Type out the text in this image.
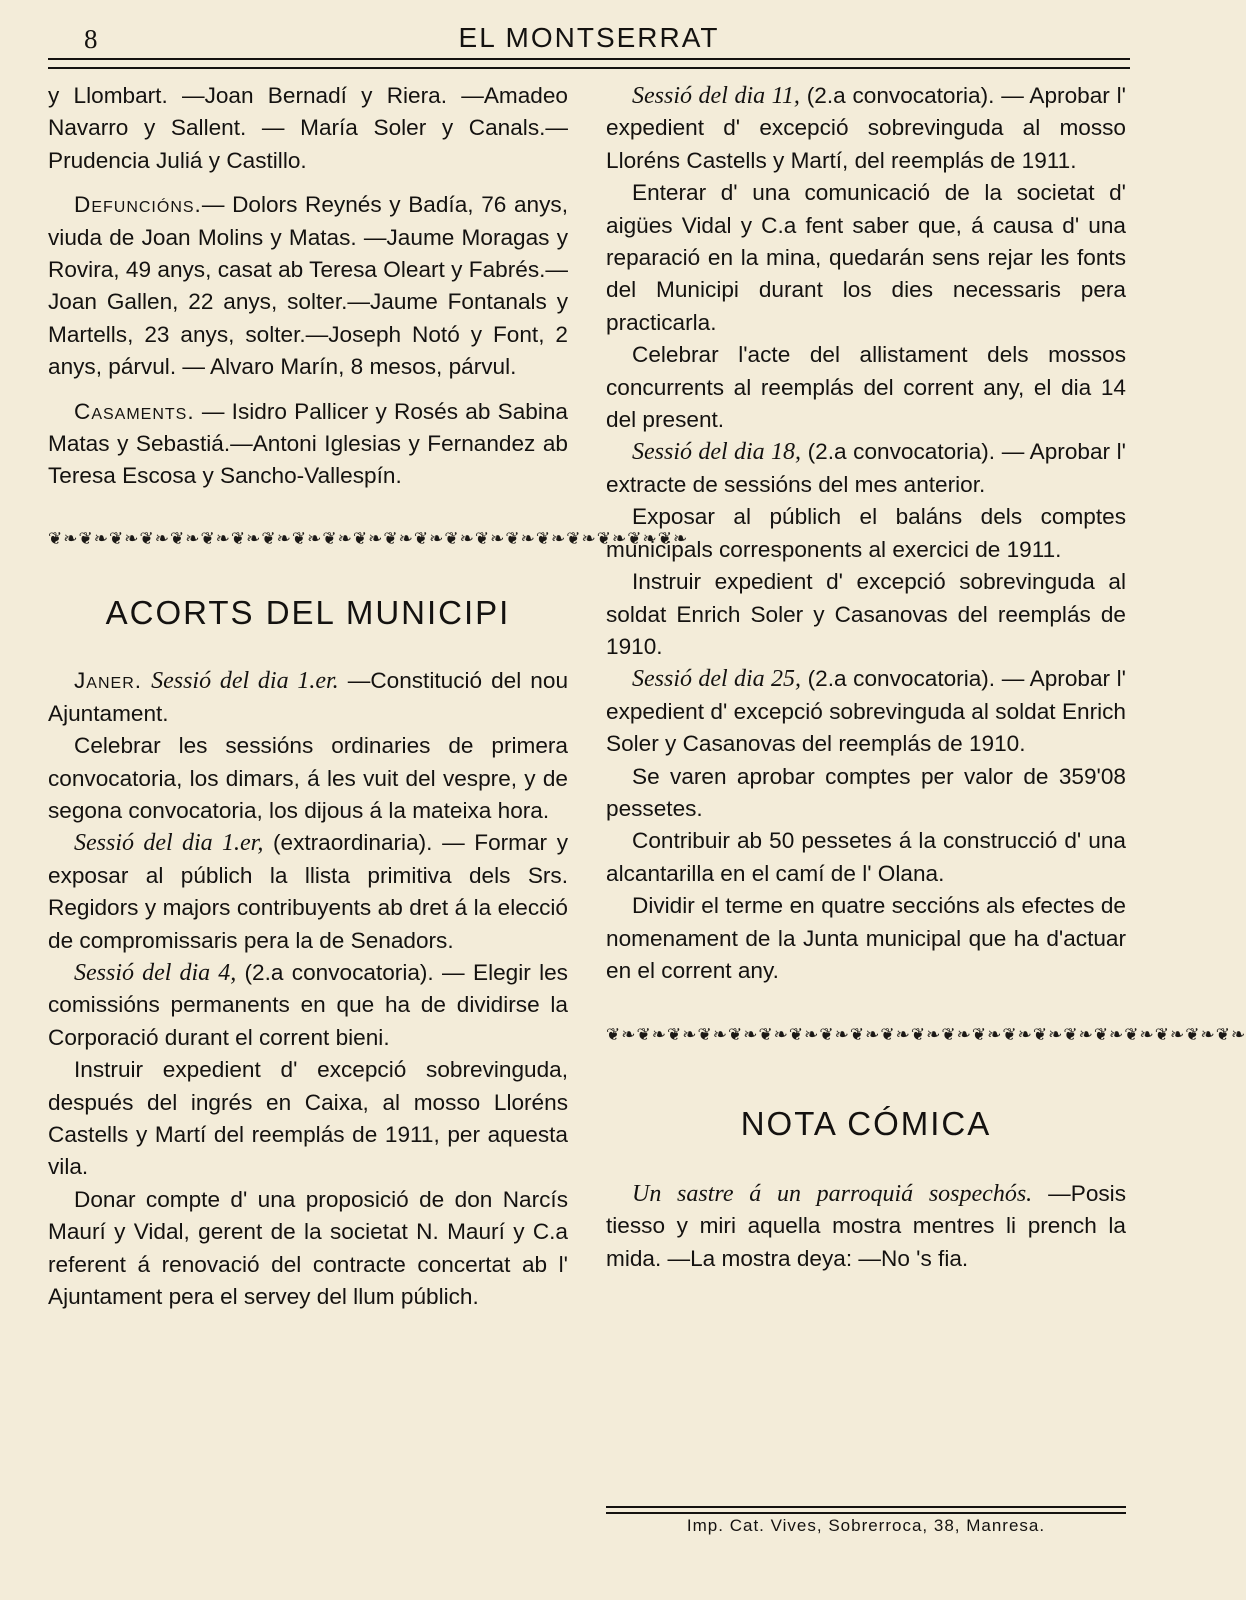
8	EL MONTSERRAT

y Llombart. —Joan Bernadí y Riera. —Amadeo Navarro y Sallent. — María Soler y Canals.—Prudencia Juliá y Castillo.

Defuncións.— Dolors Reynés y Badía, 76 anys, viuda de Joan Molins y Matas. —Jaume Moragas y Rovira, 49 anys, casat ab Teresa Oleart y Fabrés.—Joan Gallen, 22 anys, solter.—Jaume Fontanals y Martells, 23 anys, solter.—Joseph Notó y Font, 2 anys, párvul. — Alvaro Marín, 8 mesos, párvul.

Casaments. — Isidro Pallicer y Rosés ab Sabina Matas y Sebastiá.—Antoni Iglesias y Fernandez ab Teresa Escosa y Sancho-Vallespín.

❦❧❦❧❦❧❦❧❦❧❦❧❦❧❦❧❦❧❦❧❦❧❦❧❦❧❦❧❦❧❦❧❦❧❦❧❦❧❦❧❦❧
ACORTS DEL MUNICIPI

Janer. Sessió del dia 1.er. —Constitució del nou Ajuntament.

Celebrar les sessións ordinaries de primera convocatoria, los dimars, á les vuit del vespre, y de segona convocatoria, los dijous á la mateixa hora.

Sessió del dia 1.er, (extraordinaria). — Formar y exposar al públich la llista primitiva dels Srs. Regidors y majors contribuyents ab dret á la elecció de compromissaris pera la de Senadors.

Sessió del dia 4, (2.a convocatoria). — Elegir les comissións permanents en que ha de dividirse la Corporació durant el corrent bieni.

Instruir expedient d' excepció sobrevinguda, después del ingrés en Caixa, al mosso Lloréns Castells y Martí del reemplás de 1911, per aquesta vila.

Donar compte d' una proposició de don Narcís Maurí y Vidal, gerent de la societat N. Maurí y C.a referent á renovació del contracte concertat ab l' Ajuntament pera el servey del llum públich.

Sessió del dia 11, (2.a convocatoria). — Aprobar l' expedient d' excepció sobrevinguda al mosso Lloréns Castells y Martí, del reemplás de 1911.

Enterar d' una comunicació de la societat d' aigües Vidal y C.a fent saber que, á causa d' una reparació en la mina, quedarán sens rejar les fonts del Municipi durant los dies necessaris pera practicarla.

Celebrar l'acte del allistament dels mossos concurrents al reemplás del corrent any, el dia 14 del present.

Sessió del dia 18, (2.a convocatoria). — Aprobar l' extracte de sessións del mes anterior.

Exposar al públich el baláns dels comptes municipals corresponents al exercici de 1911.

Instruir expedient d' excepció sobrevinguda al soldat Enrich Soler y Casanovas del reemplás de 1910.

Sessió del dia 25, (2.a convocatoria). — Aprobar l' expedient d' excepció sobrevinguda al soldat Enrich Soler y Casanovas del reemplás de 1910.

Se varen aprobar comptes per valor de 359'08 pessetes.

Contribuir ab 50 pessetes á la construcció d' una alcantarilla en el camí de l' Olana.

Dividir el terme en quatre seccións als efectes de nomenament de la Junta municipal que ha d'actuar en el corrent any.

❦❧❦❧❦❧❦❧❦❧❦❧❦❧❦❧❦❧❦❧❦❧❦❧❦❧❦❧❦❧❦❧❦❧❦❧❦❧❦❧❦❧
NOTA CÓMICA

Un sastre á un parroquiá sospechós. —Posis tiesso y miri aquella mostra mentres li prench la mida. —La mostra deya: —No 's fia.

Imp. Cat. Vives, Sobrerroca, 38, Manresa.
